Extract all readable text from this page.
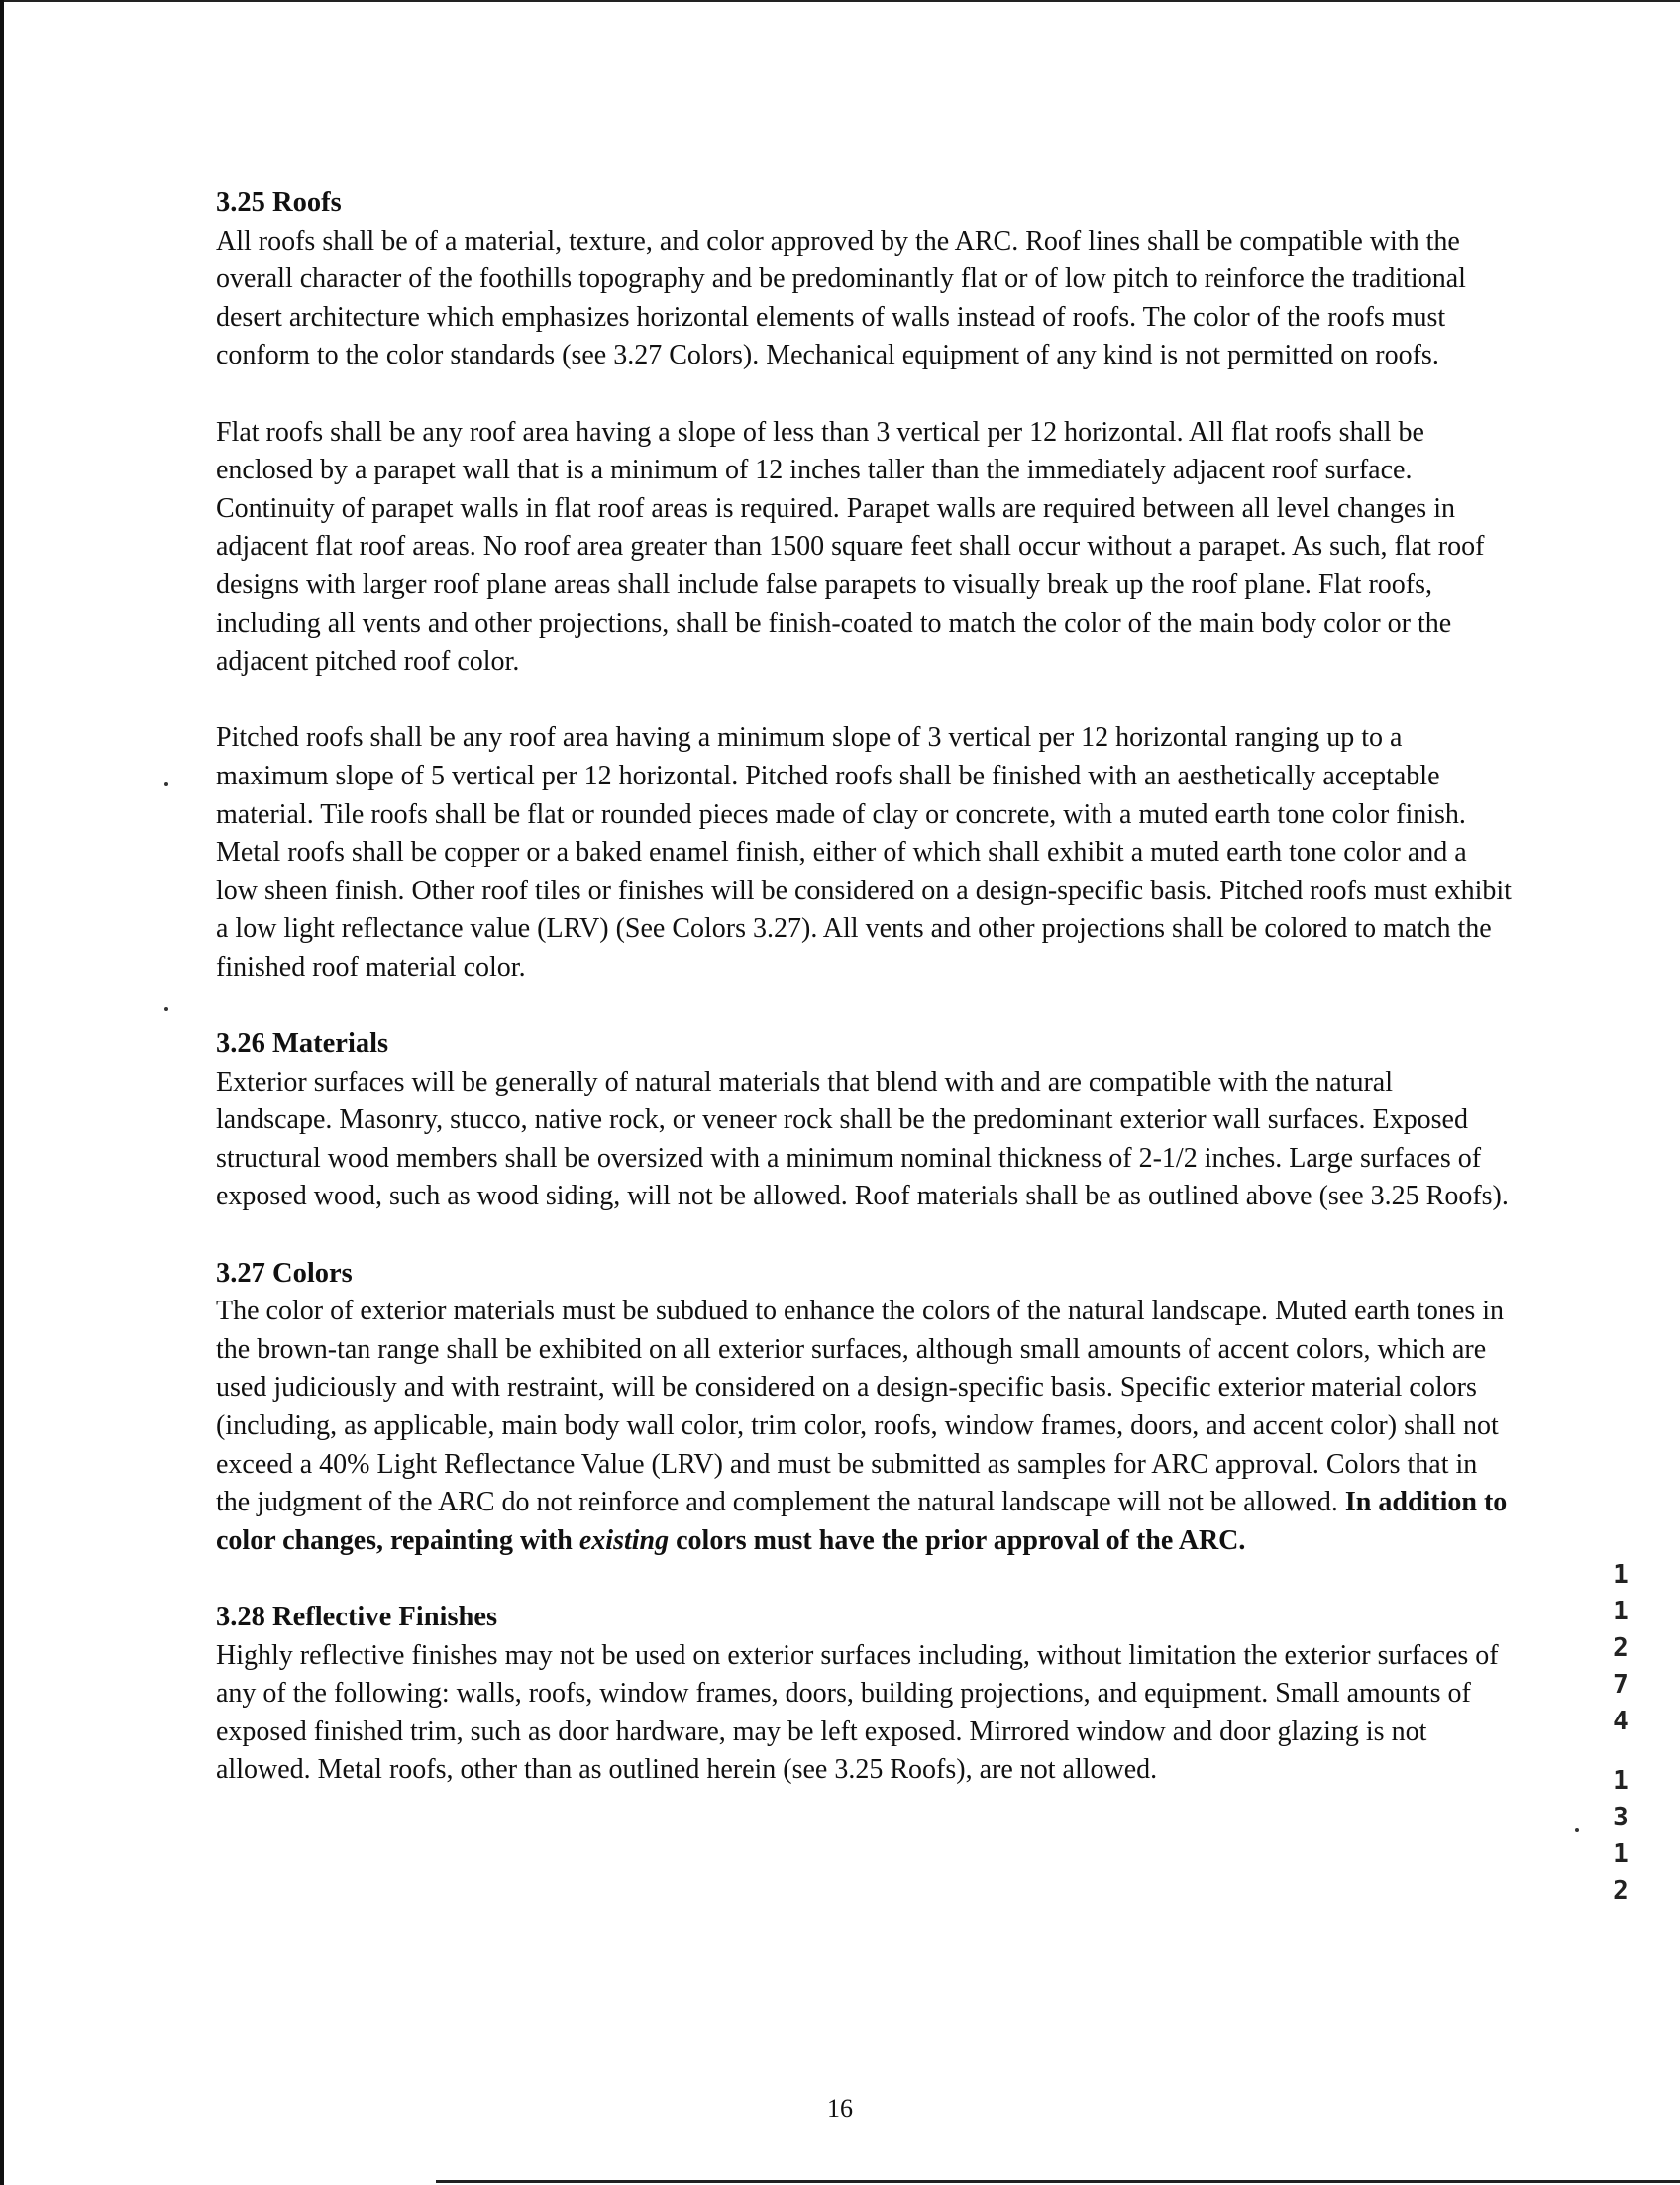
3.25 Roofs

All roofs shall be of a material, texture, and color approved by the ARC. Roof lines shall be compatible with the overall character of the foothills topography and be predominantly flat or of low pitch to reinforce the traditional desert architecture which emphasizes horizontal elements of walls instead of roofs. The color of the roofs must conform to the color standards (see 3.27 Colors). Mechanical equipment of any kind is not permitted on roofs.

Flat roofs shall be any roof area having a slope of less than 3 vertical per 12 horizontal. All flat roofs shall be enclosed by a parapet wall that is a minimum of 12 inches taller than the immediately adjacent roof surface. Continuity of parapet walls in flat roof areas is required. Parapet walls are required between all level changes in adjacent flat roof areas. No roof area greater than 1500 square feet shall occur without a parapet. As such, flat roof designs with larger roof plane areas shall include false parapets to visually break up the roof plane. Flat roofs, including all vents and other projections, shall be finish-coated to match the color of the main body color or the adjacent pitched roof color.

Pitched roofs shall be any roof area having a minimum slope of 3 vertical per 12 horizontal ranging up to a maximum slope of 5 vertical per 12 horizontal. Pitched roofs shall be finished with an aesthetically acceptable material. Tile roofs shall be flat or rounded pieces made of clay or concrete, with a muted earth tone color finish. Metal roofs shall be copper or a baked enamel finish, either of which shall exhibit a muted earth tone color and a low sheen finish. Other roof tiles or finishes will be considered on a design-specific basis. Pitched roofs must exhibit a low light reflectance value (LRV) (See Colors 3.27). All vents and other projections shall be colored to match the finished roof material color.

3.26 Materials

Exterior surfaces will be generally of natural materials that blend with and are compatible with the natural landscape. Masonry, stucco, native rock, or veneer rock shall be the predominant exterior wall surfaces. Exposed structural wood members shall be oversized with a minimum nominal thickness of 2-1/2 inches. Large surfaces of exposed wood, such as wood siding, will not be allowed. Roof materials shall be as outlined above (see 3.25 Roofs).

3.27 Colors

The color of exterior materials must be subdued to enhance the colors of the natural landscape. Muted earth tones in the brown-tan range shall be exhibited on all exterior surfaces, although small amounts of accent colors, which are used judiciously and with restraint, will be considered on a design-specific basis. Specific exterior material colors (including, as applicable, main body wall color, trim color, roofs, window frames, doors, and accent color) shall not exceed a 40% Light Reflectance Value (LRV) and must be submitted as samples for ARC approval. Colors that in the judgment of the ARC do not reinforce and complement the natural landscape will not be allowed. In addition to color changes, repainting with existing colors must have the prior approval of the ARC.

3.28 Reflective Finishes

Highly reflective finishes may not be used on exterior surfaces including, without limitation the exterior surfaces of any of the following: walls, roofs, window frames, doors, building projections, and equipment. Small amounts of exposed finished trim, such as door hardware, may be left exposed. Mirrored window and door glazing is not allowed. Metal roofs, other than as outlined herein (see 3.25 Roofs), are not allowed.

16
1
1
2
7
4
1
3
1
2
